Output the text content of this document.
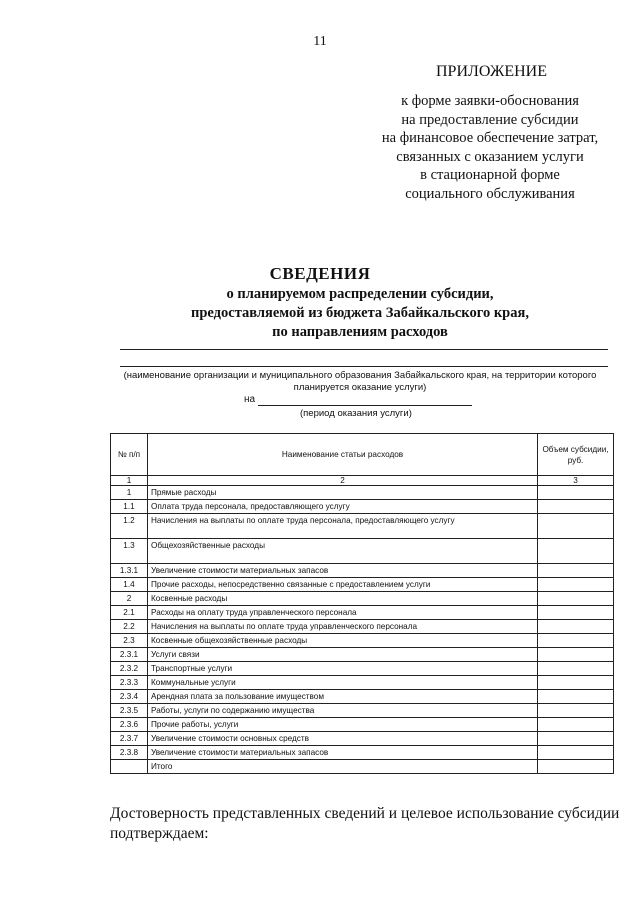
11
ПРИЛОЖЕНИЕ
к форме заявки-обоснования
на предоставление субсидии
на финансовое обеспечение затрат,
связанных с оказанием услуги
в стационарной форме
социального обслуживания
СВЕДЕНИЯ
о планируемом распределении субсидии,
предоставляемой из бюджета Забайкальского края,
по направлениям расходов
(наименование организации и муниципального образования Забайкальского края, на территории которого
планируется оказание услуги)
на
(период оказания услуги)
№ п/п	Наименование статьи расходов	Объем субсидии, руб.
1	2	3
1	Прямые расходы	
1.1	Оплата труда персонала, предоставляющего услугу	
1.2	Начисления на выплаты по оплате труда персонала, предоставляющего услугу	
1.3	Общехозяйственные расходы	
1.3.1	Увеличение стоимости материальных запасов	
1.4	Прочие расходы, непосредственно связанные с предоставлением услуги	
2	Косвенные расходы	
2.1	Расходы на оплату труда управленческого персонала	
2.2	Начисления на выплаты по оплате труда управленческого персонала	
2.3	Косвенные общехозяйственные расходы	
2.3.1	Услуги связи	
2.3.2	Транспортные услуги	
2.3.3	Коммунальные услуги	
2.3.4	Арендная плата за пользование имуществом	
2.3.5	Работы, услуги по содержанию имущества	
2.3.6	Прочие работы, услуги	
2.3.7	Увеличение стоимости основных средств	
2.3.8	Увеличение стоимости материальных запасов	
	Итого	
Достоверность представленных сведений и целевое использование субсидии
подтверждаем:
